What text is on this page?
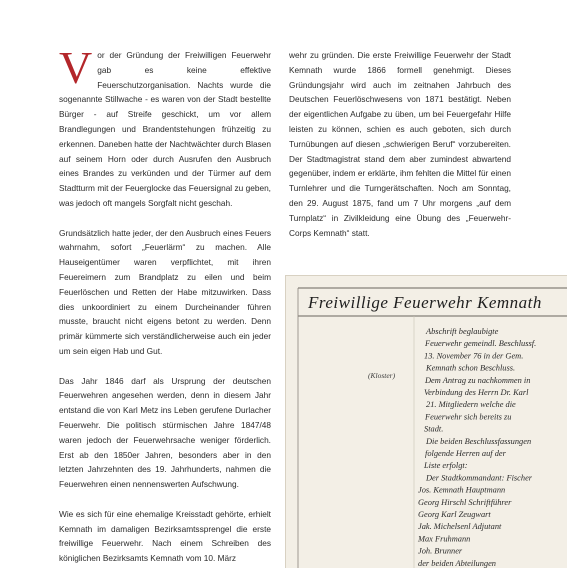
Vor der Gründung der Freiwilligen Feuerwehr gab es keine effektive Feuerschutzorganisation. Nachts wurde die sogenannte Stillwache - es waren von der Stadt bestellte Bürger - auf Streife geschickt, um vor allem Brandlegungen und Brandentstehungen frühzeitig zu erkennen. Daneben hatte der Nachtwächter durch Blasen auf seinem Horn oder durch Ausrufen den Ausbruch eines Brandes zu verkünden und der Türmer auf dem Stadtturm mit der Feuerglocke das Feuersignal zu geben, was jedoch oft mangels Sorgfalt nicht geschah.

Grundsätzlich hatte jeder, der den Ausbruch eines Feuers wahrnahm, sofort „Feuerlärm“ zu machen. Alle Hauseigentümer waren verpflichtet, mit ihren Feuereimern zum Brandplatz zu eilen und beim Feuerlöschen und Retten der Habe mitzuwirken. Dass dies unkoordiniert zu einem Durcheinander führen musste, braucht nicht eigens betont zu werden. Denn primär kümmerte sich verständlicherweise auch ein jeder um sein eigen Hab und Gut.

Das Jahr 1846 darf als Ursprung der deutschen Feuerwehren angesehen werden, denn in diesem Jahr entstand die von Karl Metz ins Leben gerufene Durlacher Feuerwehr. Die politisch stürmischen Jahre 1847/48 waren jedoch der Feuerwehrsache weniger förderlich. Erst ab den 1850er Jahren, besonders aber in den letzten Jahrzehnten des 19. Jahrhunderts, nahmen die Feuerwehren einen nennenswerten Aufschwung.

Wie es sich für eine ehemalige Kreisstadt gehörte, erhielt Kemnath im damaligen Bezirksamtssprengel die erste freiwillige Feuerwehr. Nach einem Schreiben des königlichen Bezirksamts Kemnath vom 10. März

wehr zu gründen. Die erste Freiwillige Feuerwehr der Stadt Kemnath wurde 1866 formell genehmigt. Dieses Gründungsjahr wird auch im zeitnahen Jahrbuch des Deutschen Feuerlöschwesens von 1871 bestätigt. Neben der eigentlichen Aufgabe zu üben, um bei Feuergefahr Hilfe leisten zu können, schien es auch geboten, sich durch Turnübungen auf diesen „schwierigen Beruf“ vorzubereiten. Der Stadtmagistrat stand dem aber zumindest abwartend gegenüber, indem er erklärte, ihm fehlten die Mittel für einen Turnlehrer und die Turngerätschaften. Noch am Sonntag, den 29. August 1875, fand um 7 Uhr morgens „auf dem Turnplatz“ in Zivilkleidung eine Übung des „Feuerwehr-Corps Kemnath“ statt.

Freiwillige Feuerwehr Kemnath
(Kloster)
Abschrift beglaubigte
Feuerwehr gemeindl. Beschlussf.
13. November 76 in der Gem.
Kemnath schon Beschluss.
Dem Antrag zu nachkommen in
Verbindung des Herrn Dr. Karl
21. Mitgliedern welche die
Feuerwehr sich bereits zu
Stadt.
Die beiden Beschlussfassungen
folgende Herren auf der
Liste erfolgt:
Der Stadtkommandant: Fischer
Jos. Kemnath Hauptmann
Georg Hirschl Schriftführer
Georg Karl Zeugwart
Jak. Michelsenl Adjutant
Max Fruhmann
Joh. Brunner
der beiden Abteilungen
